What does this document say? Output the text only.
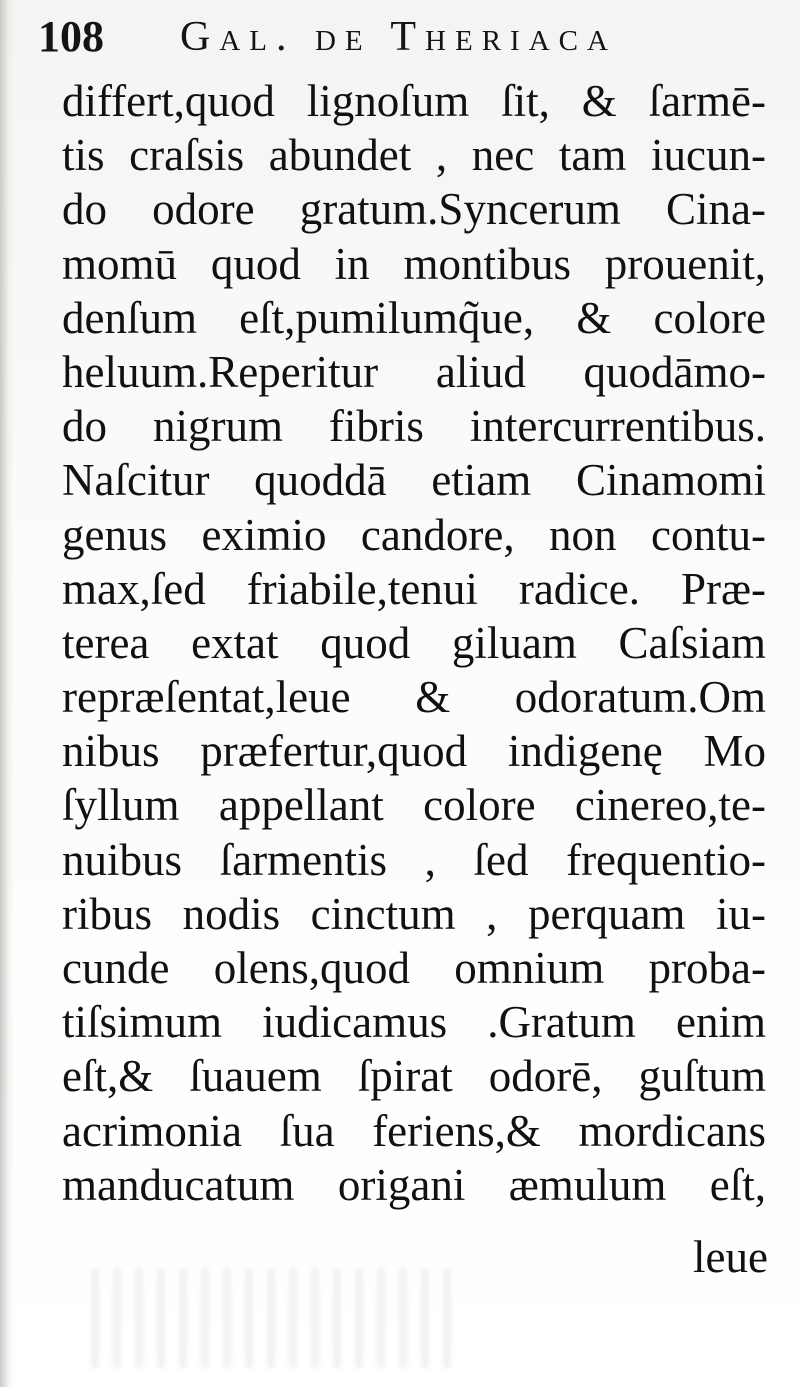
108 Gal. de Theriaca
differt,quod lignoſum ſit, & ſarmē-
tis craſsis abundet , nec tam iucun-
do odore gratum.Syncerum Cina-
momū quod in montibus prouenit,
denſum eſt,pumilumq̃ue, & colore
heluum.Reperitur aliud quodāmo-
do nigrum fibris intercurrentibus.
Naſcitur quoddā etiam Cinamomi
genus eximio candore, non contu-
max,ſed friabile,tenui radice. Præ-
terea extat quod giluam Caſsiam
repræſentat,leue & odoratum.Om
nibus præfertur,quod indigenę Mo
ſyllum appellant colore cinereo,te-
nuibus ſarmentis , ſed frequentio-
ribus nodis cinctum , perquam iu-
cunde olens,quod omnium proba-
tiſsimum iudicamus .Gratum enim
eſt,& ſuauem ſpirat odorē, guſtum
acrimonia ſua feriens,& mordicans
manducatum origani æmulum eſt,
leue
